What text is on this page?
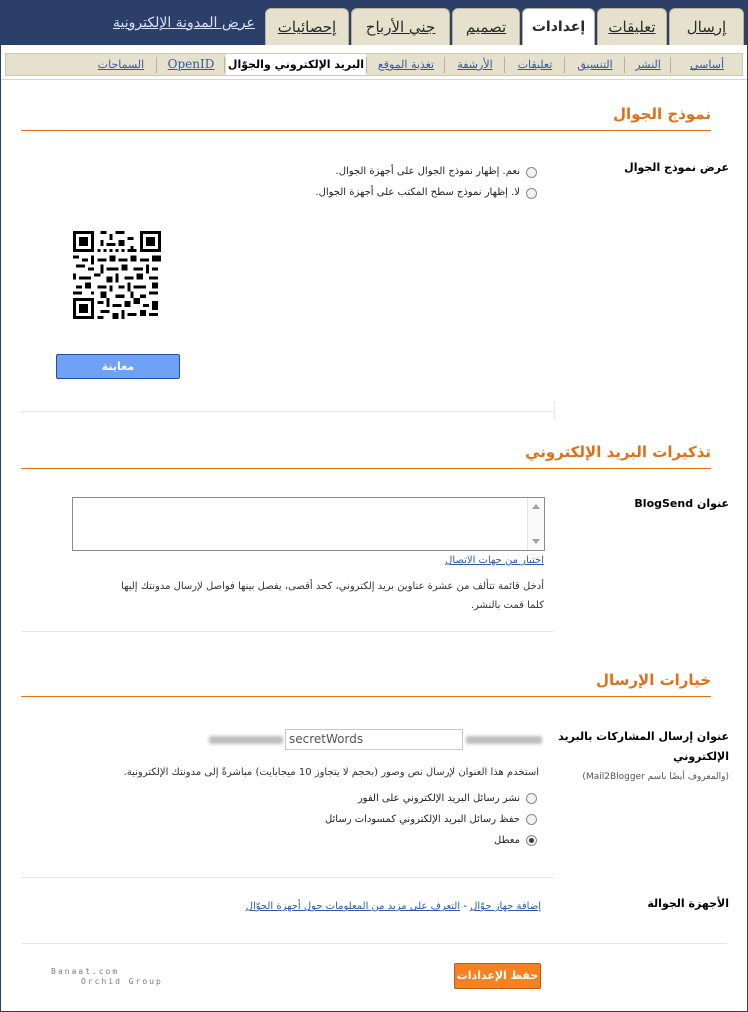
عرض المدونة الإلكترونية	إرسال
تعليقات
إعدادات
تصميم
جني الأرباح
إحصائيات
أساسي
النشر
التنسيق
تعليقات
الأرشفة
تغذية الموقع
البريد الإلكتروني والجوّال
OpenID
السماحات
نموذج الجوال
عرض نموذج الجوال
نعم. إظهار نموذج الجوال على أجهزة الجوال.
لا. إظهار نموذج سطح المكتب على أجهزة الجوال.
معاينة
تذكيرات البريد الإلكتروني
عنوان BlogSend
اختيار من جهات الاتصال
أدخل قائمة تتألف من عشرة عناوين بريد إلكتروني، كحد أقصى، يفصل بينها فواصل لإرسال مدونتك إليها كلما قمت بالنشر.
خيارات الإرسال
عنوان إرسال المشاركات بالبريد
الإلكتروني
(والمعروف أيضًا باسم Mail2Blogger)
secretWords
استخدم هذا العنوان لإرسال نص وصور (بحجم لا يتجاوز 10 ميجابايت) مباشرةً إلى مدونتك الإلكترونية.
نشر رسائل البريد الإلكتروني على الفور
حفظ رسائل البريد الإلكتروني كمسودات رسائل
معطل
الأجهزة الجوالة
إضافة جهاز جوّال - التعرف على مزيد من المعلومات حول أجهزة الجوّال
Banaat.com
Orchid Group	حفظ الإعدادات
